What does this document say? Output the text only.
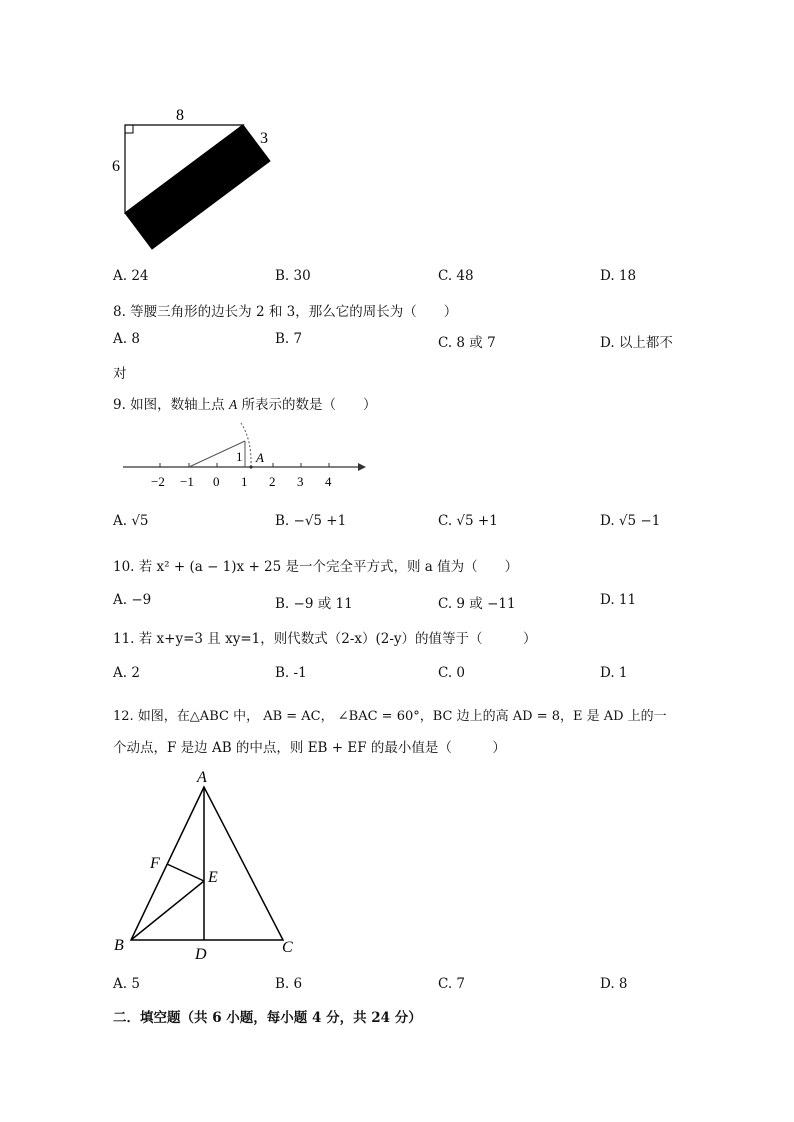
8
6
3
A. 24	B. 30	C. 48	D. 18
8. 等腰三角形的边长为 2 和 3，那么它的周长为（　　）
A. 8	B. 7	C. 8 或 7	D. 以上都不
对
9. 如图，数轴上点 A 所表示的数是（　　）
1 A
−2 −1 0 1 2 3 4
A. √5	B. −√5 +1	C. √5 +1	D. √5 −1
10. 若 x² + (a − 1)x + 25 是一个完全平方式，则 a 值为（　　）
A. −9	B. −9 或 11	C. 9 或 −11	D. 11
11. 若 x+y=3 且 xy=1，则代数式（2-x）(2-y）的值等于（　　　）
A. 2	B. -1	C. 0	D. 1
12. 如图，在△ABC 中， AB = AC， ∠BAC = 60°，BC 边上的高 AD = 8，E 是 AD 上的一
个动点，F 是边 AB 的中点，则 EB + EF 的最小值是（　　　）
A
B	C
D
E
F
A. 5	B. 6	C. 7	D. 8
二．填空题（共 6 小题，每小题 4 分，共 24 分）
